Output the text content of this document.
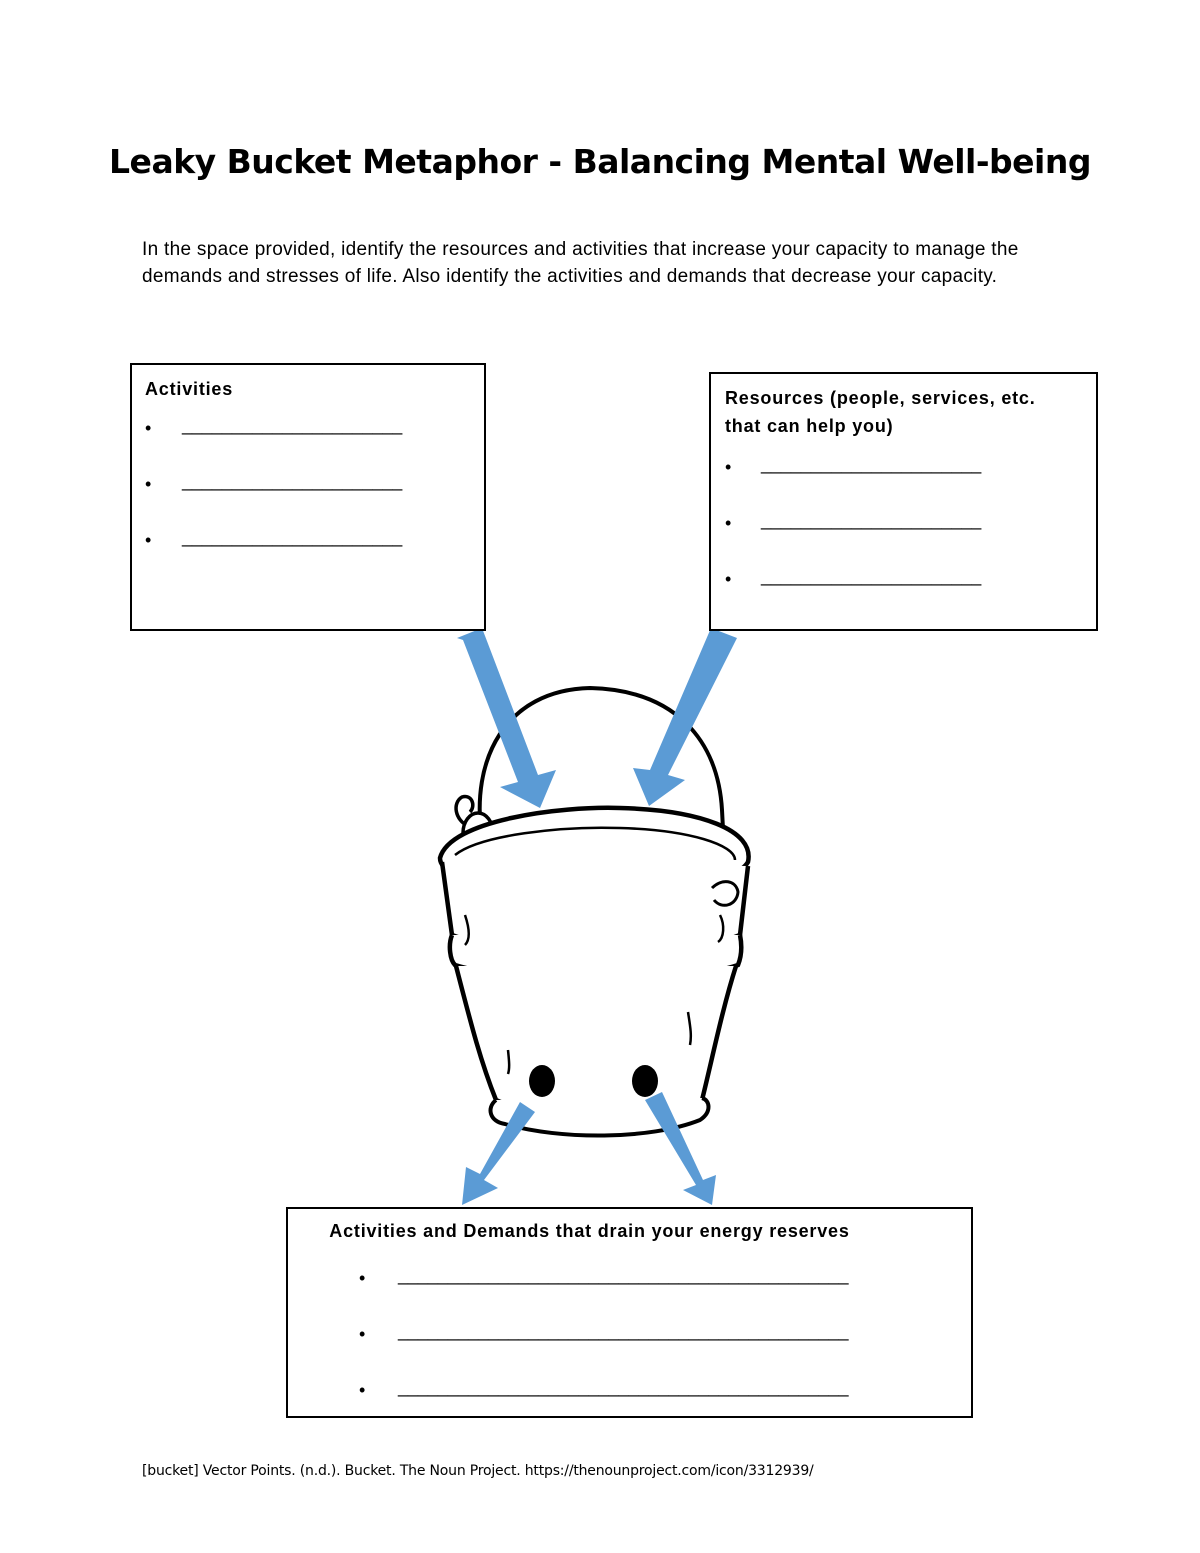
Leaky Bucket Metaphor - Balancing Mental Well-being
In the space provided, identify the resources and activities that increase your capacity to manage the demands and stresses of life. Also identify the activities and demands that decrease your capacity.
Activities
• ______________________
• ______________________
• ______________________
Resources (people, services, etc.
that can help you)
• ______________________
• ______________________
• ______________________
Activities and Demands that drain your energy reserves
• _____________________________________________
• _____________________________________________
• _____________________________________________
[bucket] Vector Points. (n.d.). Bucket. The Noun Project. https://thenounproject.com/icon/3312939/
